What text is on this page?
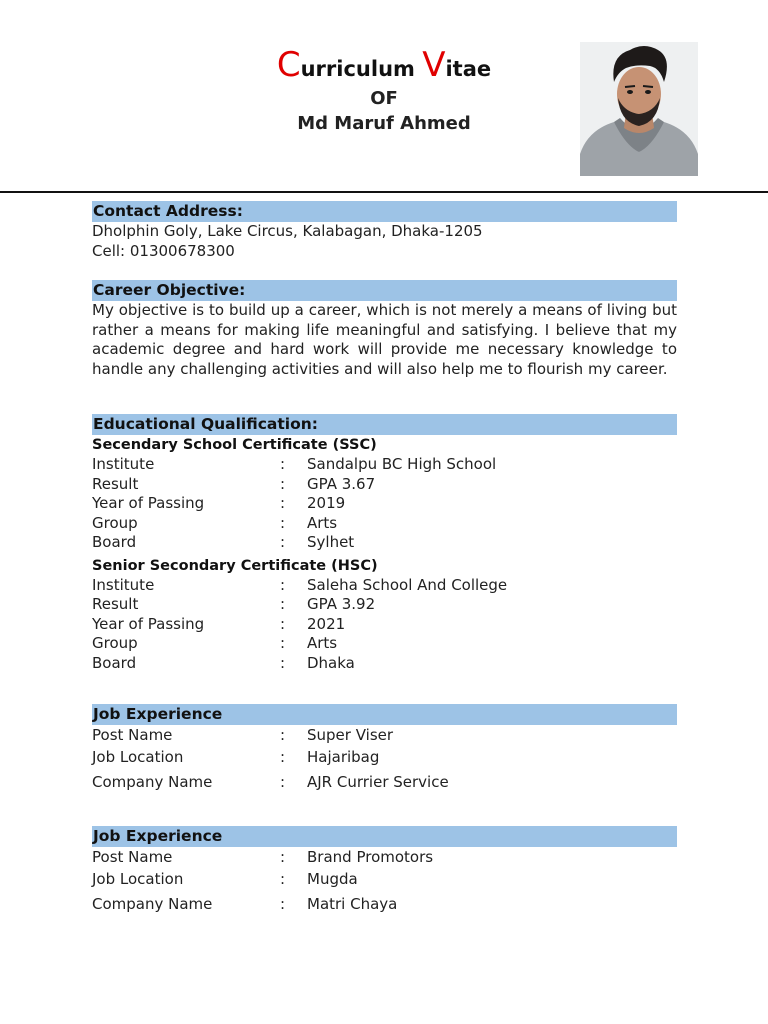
Curriculum Vitae
OF
Md Maruf Ahmed
Contact Address:
Dholphin Goly, Lake Circus, Kalabagan, Dhaka-1205
Cell: 01300678300
Career Objective:
My objective is to build up a career, which is not merely a means of living but rather a means for making life meaningful and satisfying. I believe that my academic degree and hard work will provide me necessary knowledge to handle any challenging activities and will also help me to flourish my career.
Educational Qualification:
Secendary School Certificate (SSC)
Institute	:	Sandalpu BC High School
Result	:	GPA 3.67
Year of Passing	:	2019
Group	:	Arts
Board	:	Sylhet
Senior Secondary Certificate (HSC)
Institute	:	Saleha School And College
Result	:	GPA 3.92
Year of Passing	:	2021
Group	:	Arts
Board	:	Dhaka
Job Experience
Post Name	:	Super Viser
Job Location	:	Hajaribag
Company Name	:	AJR Currier Service
Job Experience
Post Name	:	Brand Promotors
Job Location	:	Mugda
Company Name	:	Matri Chaya
